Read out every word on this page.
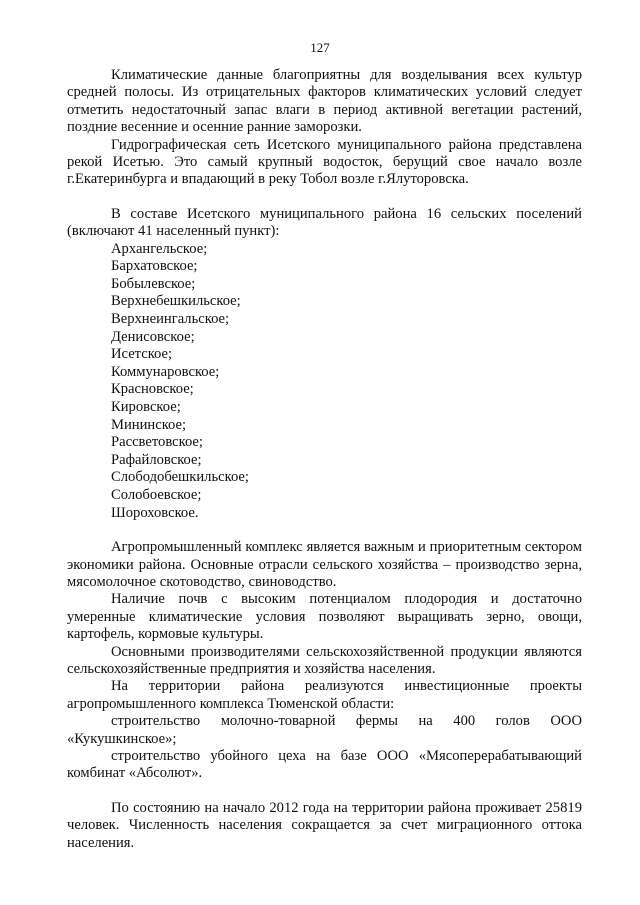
127

Климатические данные благоприятны для возделывания всех культур средней полосы. Из отрицательных факторов климатических условий следует отметить недостаточный запас влаги в период активной вегетации растений, поздние весенние и осенние ранние заморозки.

Гидрографическая сеть Исетского муниципального района представлена рекой Исетью. Это самый крупный водосток, берущий свое начало возле г.Екатеринбурга и впадающий в реку Тобол возле г.Ялуторовска.

В составе Исетского муниципального района 16 сельских поселений (включают 41 населенный пункт):

Архангельское;
Бархатовское;
Бобылевское;
Верхнебешкильское;
Верхнеингальское;
Денисовское;
Исетское;
Коммунаровское;
Красновское;
Кировское;
Мининское;
Рассветовское;
Рафайловское;
Слободобешкильское;
Солобоевское;
Шороховское.

Агропромышленный комплекс является важным и приоритетным сектором экономики района. Основные отрасли сельского хозяйства – производство зерна, мясомолочное скотоводство, свиноводство.

Наличие почв с высоким потенциалом плодородия и достаточно умеренные климатические условия позволяют выращивать зерно, овощи, картофель, кормовые культуры.

Основными производителями сельскохозяйственной продукции являются сельскохозяйственные предприятия и хозяйства населения.

На территории района реализуются инвестиционные проекты агропромышленного комплекса Тюменской области:

строительство молочно-товарной фермы на 400 голов ООО

«Кукушкинское»;

строительство убойного цеха на базе ООО «Мясоперерабатывающий комбинат «Абсолют».

По состоянию на начало 2012 года на территории района проживает 25819 человек. Численность населения сокращается за счет миграционного оттока населения.
